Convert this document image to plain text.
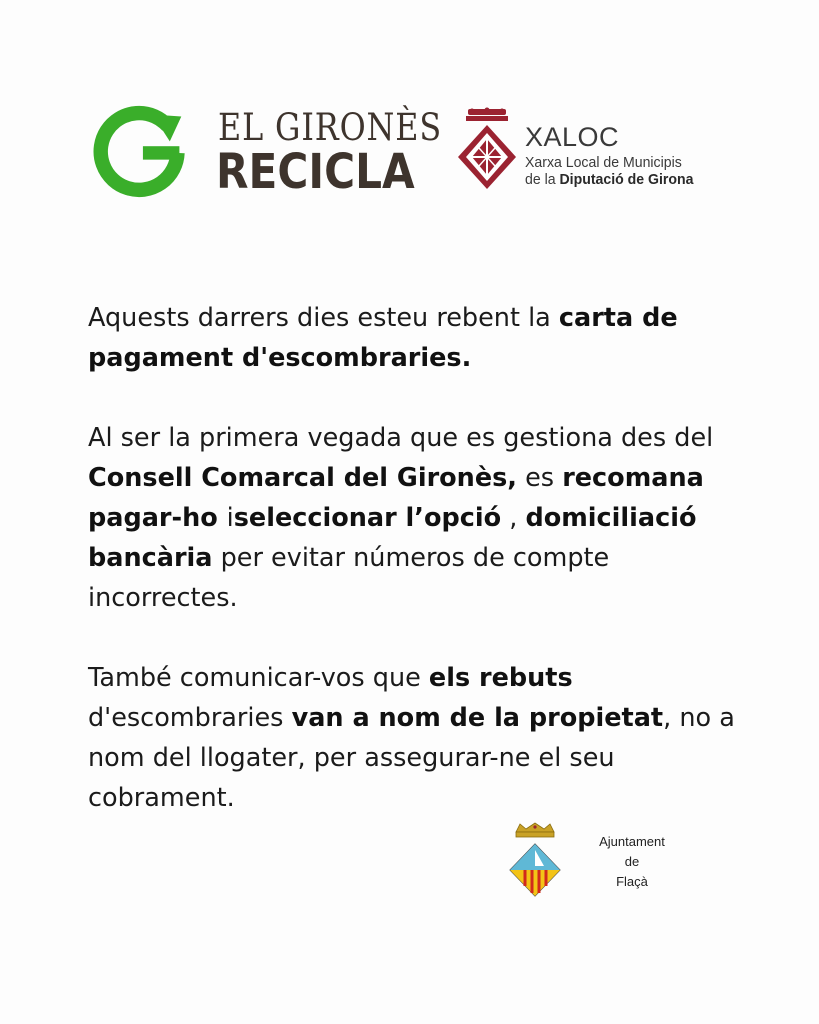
EL GIRONÈS
RECICLA
XALOC
Xarxa Local de Municipis
de la Diputació de Girona

Aquests darrers dies esteu rebent la carta de pagament d'escombraries.

Al ser la primera vegada que es gestiona des del Consell Comarcal del Gironès, es recomana pagar-ho iseleccionar l’opció , domiciliació bancària per evitar números de compte incorrectes.

També comunicar-vos que els rebuts d'escombraries van a nom de la propietat, no a nom del llogater, per assegurar-ne el seu cobrament.

Ajuntament
de
Flaçà
